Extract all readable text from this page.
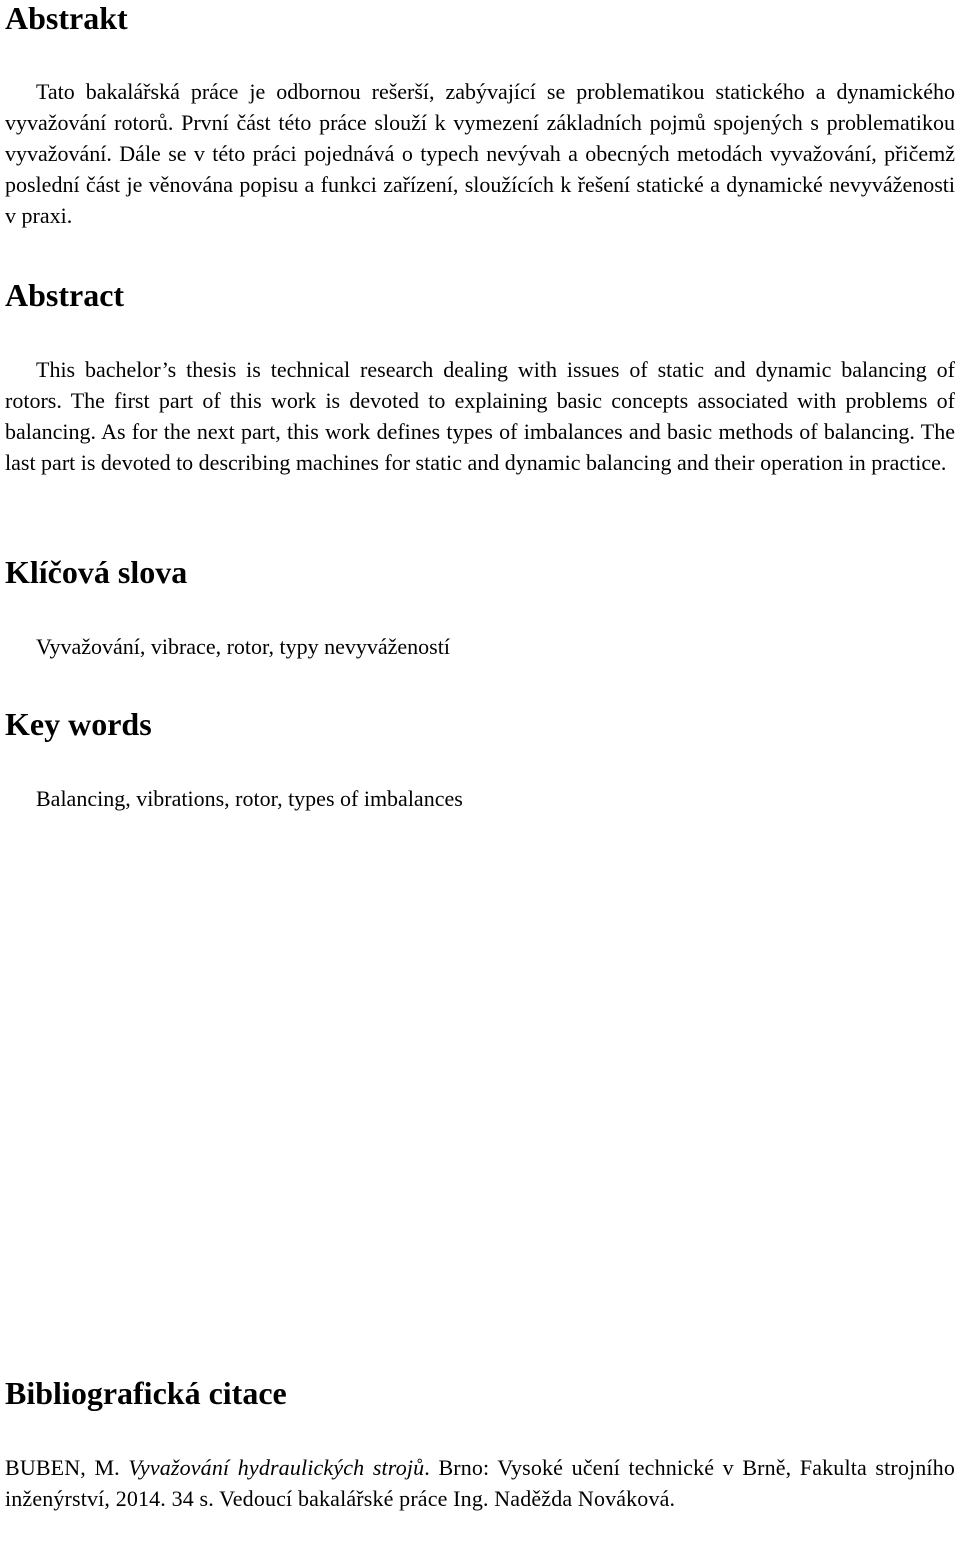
Abstrakt

Tato bakalářská práce je odbornou rešerší, zabývající se problematikou statického a dynamického vyvažování rotorů. První část této práce slouží k vymezení základních pojmů spojených s problematikou vyvažování. Dále se v této práci pojednává o typech nevývah a obecných metodách vyvažování, přičemž poslední část je věnována popisu a funkci zařízení, sloužících k řešení statické a dynamické nevyváženosti v praxi.

Abstract

This bachelor’s thesis is technical research dealing with issues of static and dynamic balancing of rotors. The first part of this work is devoted to explaining basic concepts associated with problems of balancing. As for the next part, this work defines types of imbalances and basic methods of balancing. The last part is devoted to describing machines for static and dynamic balancing and their operation in practice.

Klíčová slova

Vyvažování, vibrace, rotor, typy nevyvážeností

Key words

Balancing, vibrations, rotor, types of imbalances

Bibliografická citace

BUBEN, M. Vyvažování hydraulických strojů. Brno: Vysoké učení technické v Brně, Fakulta strojního inženýrství, 2014. 34 s. Vedoucí bakalářské práce Ing. Naděžda Nováková.
